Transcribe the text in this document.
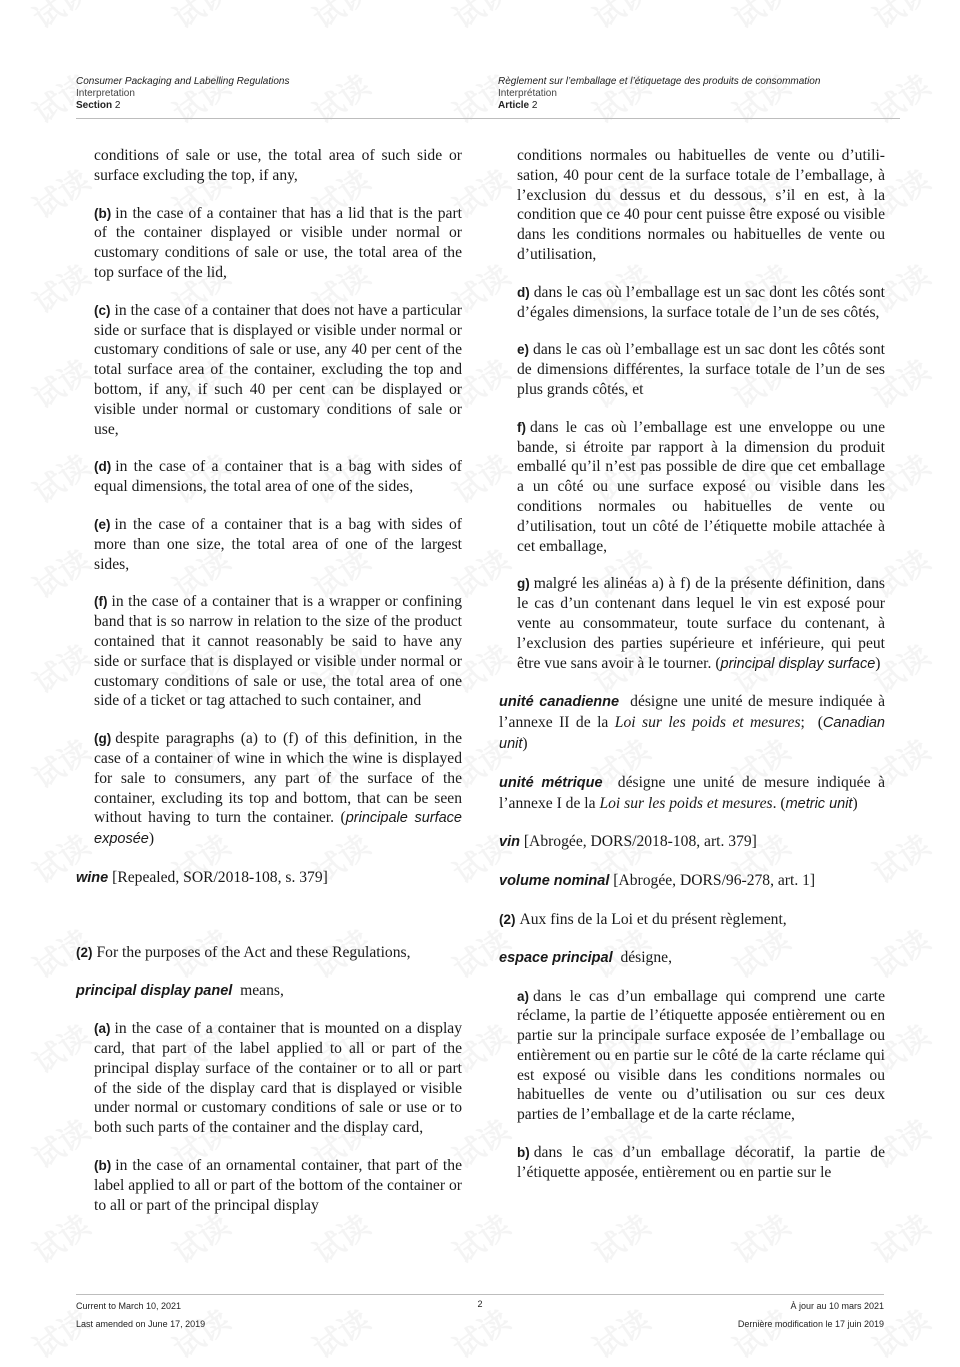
Consumer Packaging and Labelling Regulations
Interpretation
Section 2
Règlement sur l’emballage et l’étiquetage des produits de consommation
Interprétation
Article 2

conditions of sale or use, the total area of such side or surface excluding the top, if any,

(b) in the case of a container that has a lid that is the part of the container displayed or visible under normal or customary conditions of sale or use, the total area of the top surface of the lid,

(c) in the case of a container that does not have a particular side or surface that is displayed or visible under normal or customary conditions of sale or use, any 40 per cent of the total surface area of the container, excluding the top and bottom, if any, if such 40 per cent can be displayed or visible under normal or customary conditions of sale or use,

(d) in the case of a container that is a bag with sides of equal dimensions, the total area of one of the sides,

(e) in the case of a container that is a bag with sides of more than one size, the total area of one of the largest sides,

(f) in the case of a container that is a wrapper or confining band that is so narrow in relation to the size of the product contained that it cannot reasonably be said to have any side or surface that is displayed or visible under normal or customary conditions of sale or use, the total area of one side of a ticket or tag attached to such container, and

(g) despite paragraphs (a) to (f) of this definition, in the case of a container of wine in which the wine is displayed for sale to consumers, any part of the surface of the container, excluding its top and bottom, that can be seen without having to turn the container. (principale surface exposée)

wine [Repealed, SOR/2018-108, s. 379]

(2) For the purposes of the Act and these Regulations,

principal display panel means,

(a) in the case of a container that is mounted on a display card, that part of the label applied to all or part of the principal display surface of the container or to all or part of the side of the display card that is displayed or visible under normal or customary conditions of sale or use or to both such parts of the container and the display card,

(b) in the case of an ornamental container, that part of the label applied to all or part of the bottom of the container or to all or part of the principal display

conditions normales ou habituelles de vente ou d’utilisation, 40 pour cent de la surface totale de l’emballage, à l’exclusion du dessus et du dessous, s’il en est, à la condition que ce 40 pour cent puisse être exposé ou visible dans les conditions normales ou habituelles de vente ou d’utilisation,

d) dans le cas où l’emballage est un sac dont les côtés sont d’égales dimensions, la surface totale de l’un de ses côtés,

e) dans le cas où l’emballage est un sac dont les côtés sont de dimensions différentes, la surface totale de l’un de ses plus grands côtés, et

f) dans le cas où l’emballage est une enveloppe ou une bande, si étroite par rapport à la dimension du produit emballé qu’il n’est pas possible de dire que cet emballage a un côté ou une surface exposé ou visible dans les conditions normales ou habituelles de vente ou d’utilisation, tout un côté de l’étiquette mobile attachée à cet emballage,

g) malgré les alinéas a) à f) de la présente définition, dans le cas d’un contenant dans lequel le vin est exposé pour vente au consommateur, toute surface du contenant, à l’exclusion des parties supérieure et inférieure, qui peut être vue sans avoir à le tourner. (principal display surface)

unité canadienne désigne une unité de mesure indiquée à l’annexe II de la Loi sur les poids et mesures;  (Canadian unit)

unité métrique désigne une unité de mesure indiquée à l’annexe I de la Loi sur les poids et mesures. (metric unit)

vin [Abrogée, DORS/2018-108, art. 379]

volume nominal [Abrogée, DORS/96-278, art. 1]

(2) Aux fins de la Loi et du présent règlement,

espace principal désigne,

a) dans le cas d’un emballage qui comprend une carte réclame, la partie de l’étiquette apposée entièrement ou en partie sur la principale surface exposée de l’emballage ou entièrement ou en partie sur le côté de la carte réclame qui est exposé ou visible dans les conditions normales ou habituelles de vente ou d’utilisation ou sur ces deux parties de l’emballage et de la carte réclame,

b) dans le cas d’un emballage décoratif, la partie de l’étiquette apposée, entièrement ou en partie sur le

Current to March 10, 2021	2	À jour au 10 mars 2021
Last amended on June 17, 2019	Dernière modification le 17 juin 2019
